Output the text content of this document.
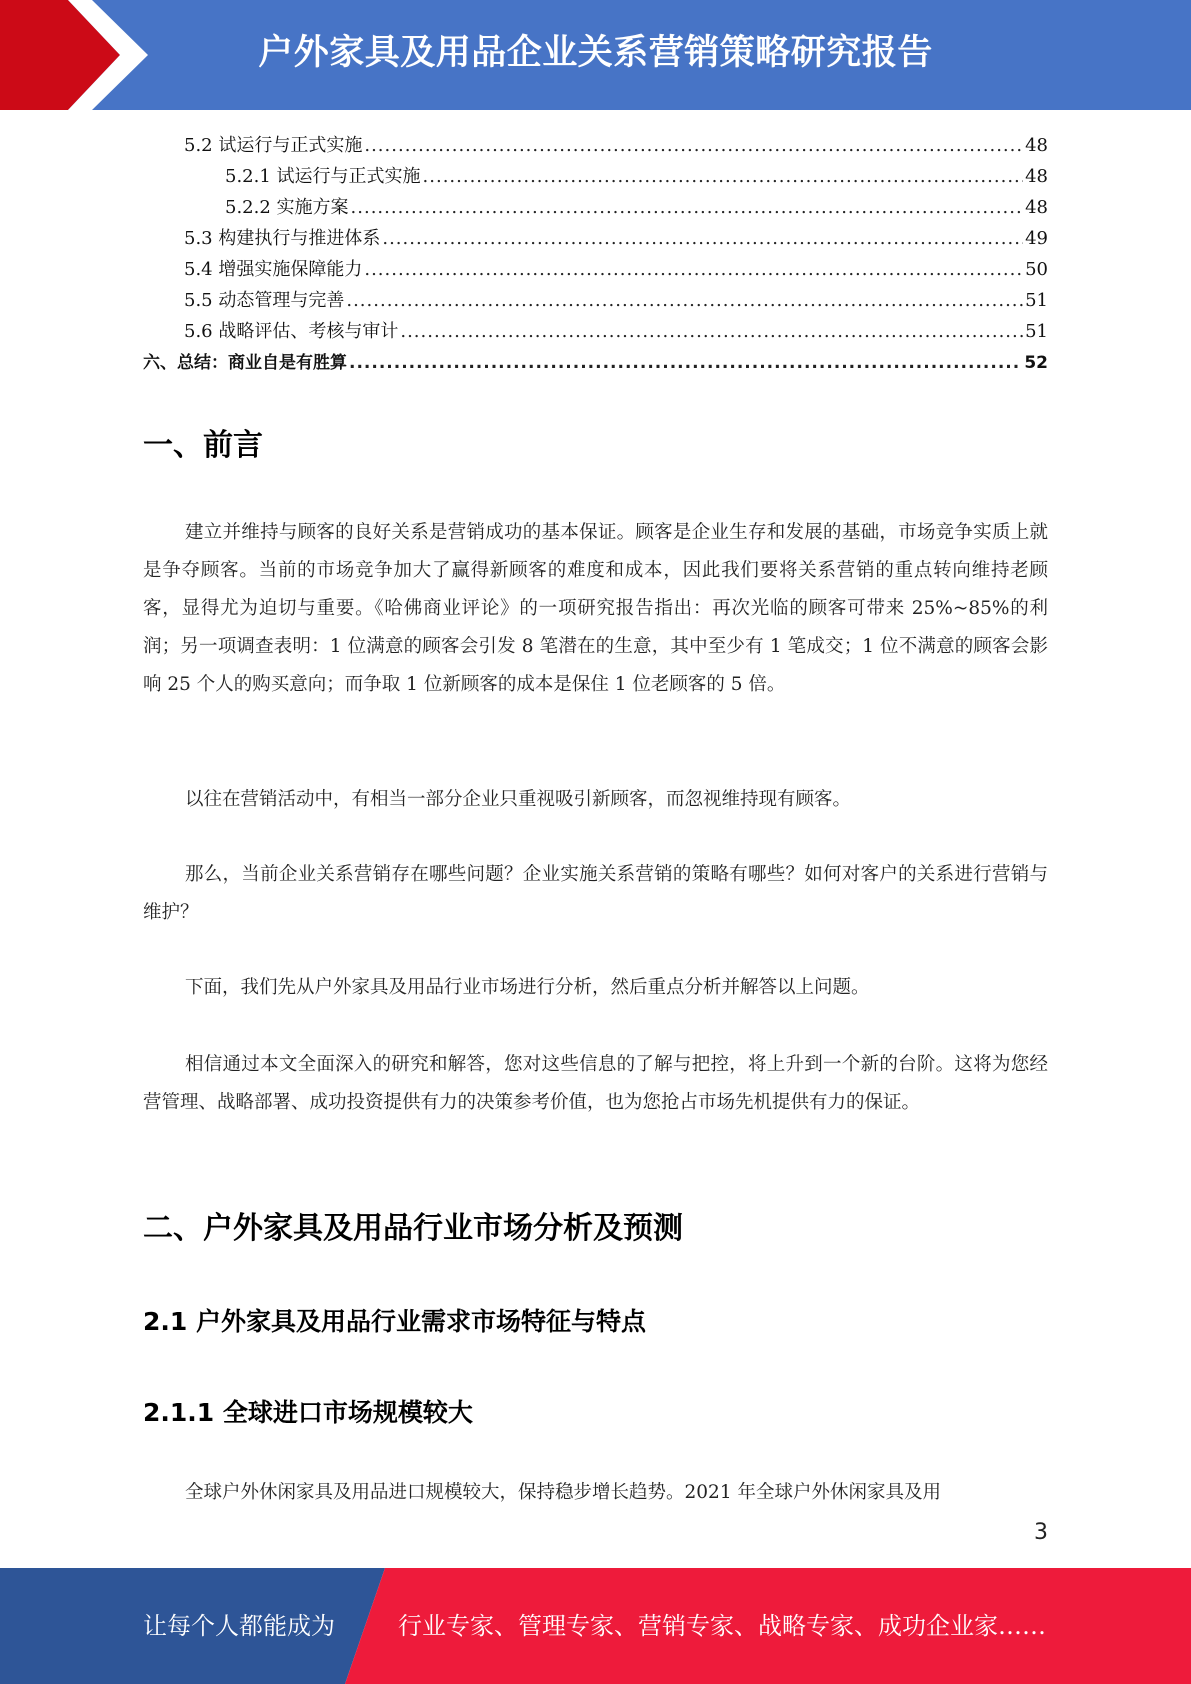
户外家具及用品企业关系营销策略研究报告
5.2 试运行与正式实施 .....	48
5.2.1 试运行与正式实施 .....	48
5.2.2 实施方案 .....	48
5.3 构建执行与推进体系 .....	49
5.4 增强实施保障能力 .....	50
5.5 动态管理与完善 .....	51
5.6 战略评估、考核与审计 .....	51
六、总结：商业自是有胜算 .....	52
一、前言
建立并维持与顾客的良好关系是营销成功的基本保证。顾客是企业生存和发展的基础，市场竞争实质上就是争夺顾客。当前的市场竞争加大了赢得新顾客的难度和成本，因此我们要将关系营销的重点转向维持老顾客，显得尤为迫切与重要。《哈佛商业评论》的一项研究报告指出：再次光临的顾客可带来 25%~85%的利润；另一项调查表明：1 位满意的顾客会引发 8 笔潜在的生意，其中至少有 1 笔成交；1 位不满意的顾客会影响 25 个人的购买意向；而争取 1 位新顾客的成本是保住 1 位老顾客的 5 倍。
以往在营销活动中，有相当一部分企业只重视吸引新顾客，而忽视维持现有顾客。
那么，当前企业关系营销存在哪些问题？企业实施关系营销的策略有哪些？如何对客户的关系进行营销与维护？
下面，我们先从户外家具及用品行业市场进行分析，然后重点分析并解答以上问题。
相信通过本文全面深入的研究和解答，您对这些信息的了解与把控，将上升到一个新的台阶。这将为您经营管理、战略部署、成功投资提供有力的决策参考价值，也为您抢占市场先机提供有力的保证。
二、户外家具及用品行业市场分析及预测
2.1 户外家具及用品行业需求市场特征与特点
2.1.1 全球进口市场规模较大
全球户外休闲家具及用品进口规模较大，保持稳步增长趋势。2021 年全球户外休闲家具及用
3
让每个人都能成为	行业专家、管理专家、营销专家、战略专家、成功企业家……
